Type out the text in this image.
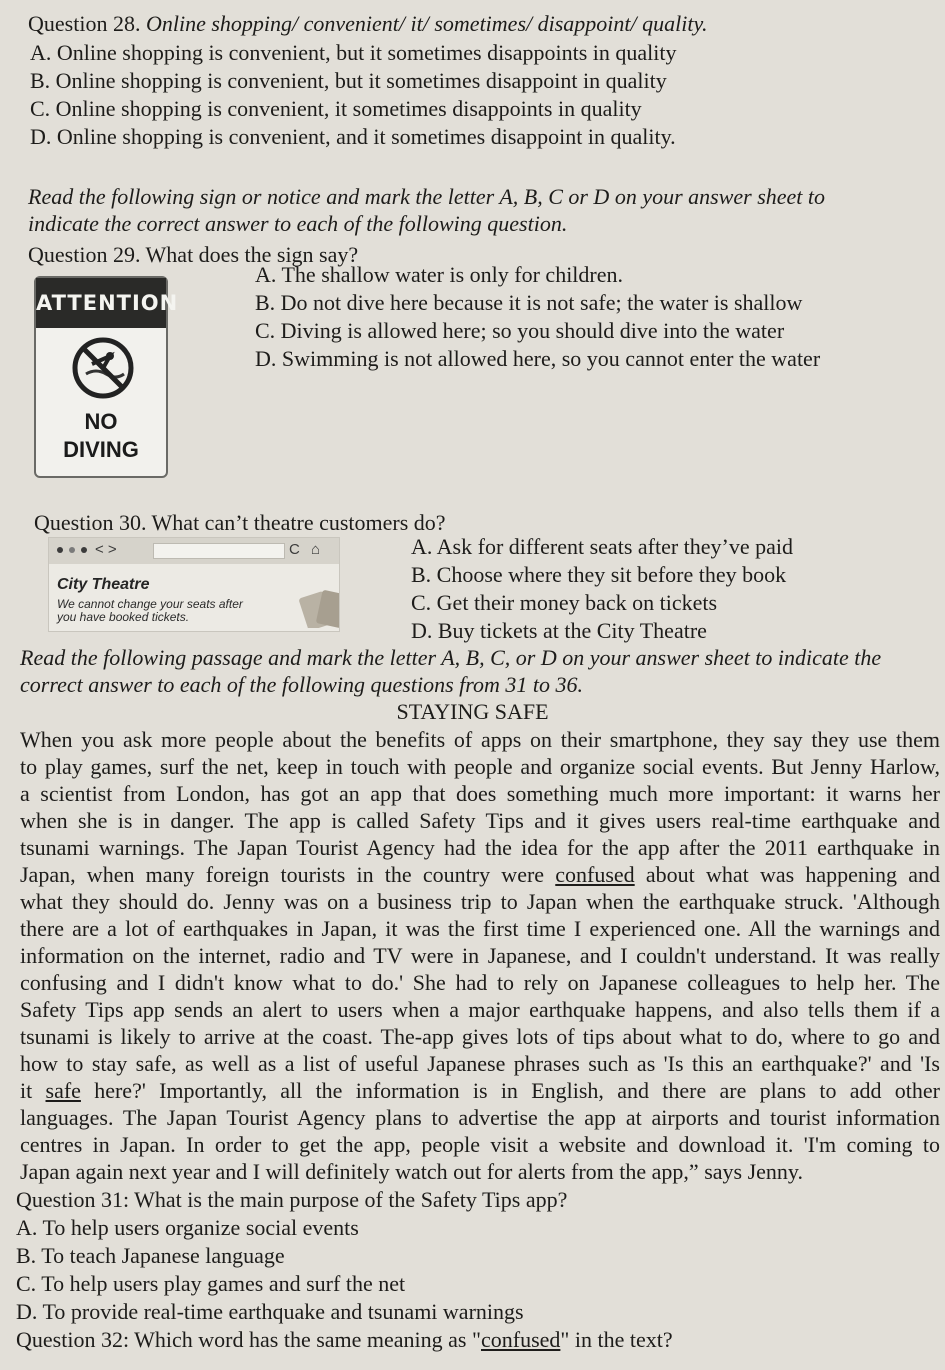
Question 28. Online shopping/ convenient/ it/ sometimes/ disappoint/ quality.
A. Online shopping is convenient, but it sometimes disappoints in quality
B. Online shopping is convenient, but it sometimes disappoint in quality
C. Online shopping is convenient, it sometimes disappoints in quality
D. Online shopping is convenient, and it sometimes disappoint in quality.
Read the following sign or notice and mark the letter A, B, C or D on your answer sheet to
indicate the correct answer to each of the following question.
Question 29. What does the sign say?
ATTENTION
NO
DIVING
A. The shallow water is only for children.
B. Do not dive here because it is not safe; the water is shallow
C. Diving is allowed here; so you should dive into the water
D. Swimming is not allowed here, so you cannot enter the water
Question 30. What can’t theatre customers do?
< >	C ⌂
City Theatre
We cannot change your seats after
you have booked tickets.
A. Ask for different seats after they’ve paid
B. Choose where they sit before they book
C. Get their money back on tickets
D. Buy tickets at the City Theatre
Read the following passage and mark the letter A, B, C, or D on your answer sheet to indicate the
correct answer to each of the following questions from 31 to 36.
STAYING SAFE
When you ask more people about the benefits of apps on their smartphone, they say they use them
to play games, surf the net, keep in touch with people and organize social events. But Jenny Harlow,
a scientist from London, has got an app that does something much more important: it warns her
when she is in danger. The app is called Safety Tips and it gives users real-time earthquake and
tsunami warnings. The Japan Tourist Agency had the idea for the app after the 2011 earthquake in
Japan, when many foreign tourists in the country were confused about what was happening and
what they should do. Jenny was on a business trip to Japan when the earthquake struck. 'Although
there are a lot of earthquakes in Japan, it was the first time I experienced one. All the warnings and
information on the internet, radio and TV were in Japanese, and I couldn't understand. It was really
confusing and I didn't know what to do.' She had to rely on Japanese colleagues to help her. The
Safety Tips app sends an alert to users when a major earthquake happens, and also tells them if a
tsunami is likely to arrive at the coast. The-app gives lots of tips about what to do, where to go and
how to stay safe, as well as a list of useful Japanese phrases such as 'Is this an earthquake?' and 'Is
it safe here?' Importantly, all the information is in English, and there are plans to add other
languages. The Japan Tourist Agency plans to advertise the app at airports and tourist information
centres in Japan. In order to get the app, people visit a website and download it. 'I'm coming to
Japan again next year and I will definitely watch out for alerts from the app,” says Jenny.
Question 31: What is the main purpose of the Safety Tips app?
A. To help users organize social events
B. To teach Japanese language
C. To help users play games and surf the net
D. To provide real-time earthquake and tsunami warnings
Question 32: Which word has the same meaning as "confused" in the text?
